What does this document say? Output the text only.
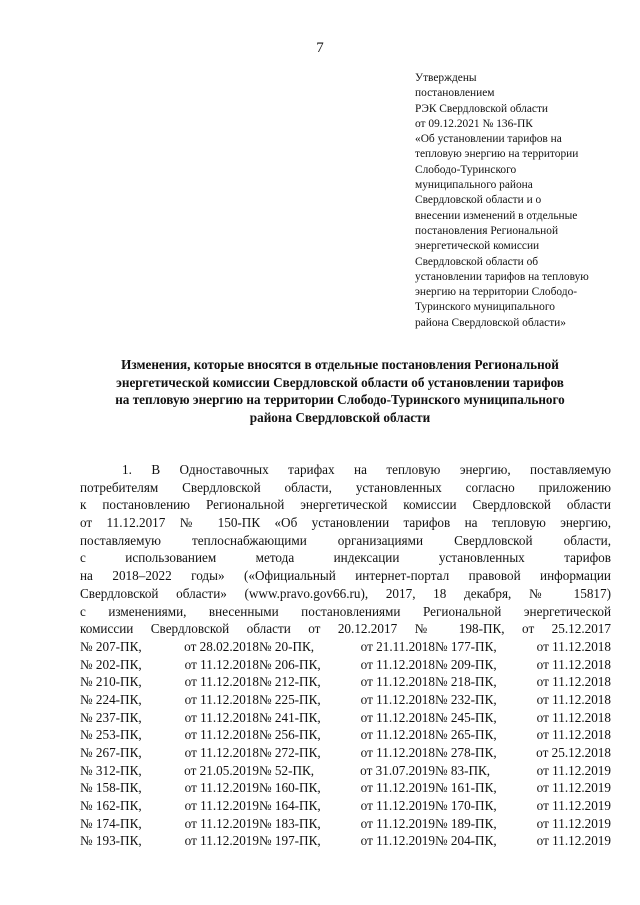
7
Утверждены
постановлением
РЭК Свердловской области
от 09.12.2021 № 136-ПК
«Об установлении тарифов на
тепловую энергию на территории
Слободо-Туринского
муниципального района
Свердловской области и о
внесении изменений в отдельные
постановления Региональной
энергетической комиссии
Свердловской области об
установлении тарифов на тепловую
энергию на территории Слободо-
Туринского муниципального
района Свердловской области»
Изменения, которые вносятся в отдельные постановления Региональной
энергетической комиссии Свердловской области об установлении тарифов
на тепловую энергию на территории Слободо-Туринского муниципального
района Свердловской области
1. В Одноставочных тарифах на тепловую энергию, поставляемую
потребителям Свердловской области, установленных согласно приложению
к постановлению Региональной энергетической комиссии Свердловской области
от 11.12.2017 № 150-ПК «Об установлении тарифов на тепловую энергию,
поставляемую теплоснабжающими организациями Свердловской области,
с использованием метода индексации установленных тарифов
на 2018–2022 годы» («Официальный интернет-портал правовой информации
Свердловской области» (www.pravo.gov66.ru), 2017, 18 декабря, № 15817)
с изменениями, внесенными постановлениями Региональной энергетической
комиссии Свердловской области от 20.12.2017 № 198-ПК, от 25.12.2017
№ 207-ПК,	от 28.02.2018 № 20-ПК,	от 21.11.2018 № 177-ПК,	от 11.12.2018
№ 202-ПК,	от 11.12.2018 № 206-ПК,	от 11.12.2018 № 209-ПК,	от 11.12.2018
№ 210-ПК,	от 11.12.2018 № 212-ПК,	от 11.12.2018 № 218-ПК,	от 11.12.2018
№ 224-ПК,	от 11.12.2018 № 225-ПК,	от 11.12.2018 № 232-ПК,	от 11.12.2018
№ 237-ПК,	от 11.12.2018 № 241-ПК,	от 11.12.2018 № 245-ПК,	от 11.12.2018
№ 253-ПК,	от 11.12.2018 № 256-ПК,	от 11.12.2018 № 265-ПК,	от 11.12.2018
№ 267-ПК,	от 11.12.2018 № 272-ПК,	от 11.12.2018 № 278-ПК,	от 25.12.2018
№ 312-ПК,	от 21.05.2019 № 52-ПК,	от 31.07.2019 № 83-ПК,	от 11.12.2019
№ 158-ПК,	от 11.12.2019 № 160-ПК,	от 11.12.2019 № 161-ПК,	от 11.12.2019
№ 162-ПК,	от 11.12.2019 № 164-ПК,	от 11.12.2019 № 170-ПК,	от 11.12.2019
№ 174-ПК,	от 11.12.2019 № 183-ПК,	от 11.12.2019 № 189-ПК,	от 11.12.2019
№ 193-ПК,	от 11.12.2019 № 197-ПК,	от 11.12.2019 № 204-ПК,	от 11.12.2019
